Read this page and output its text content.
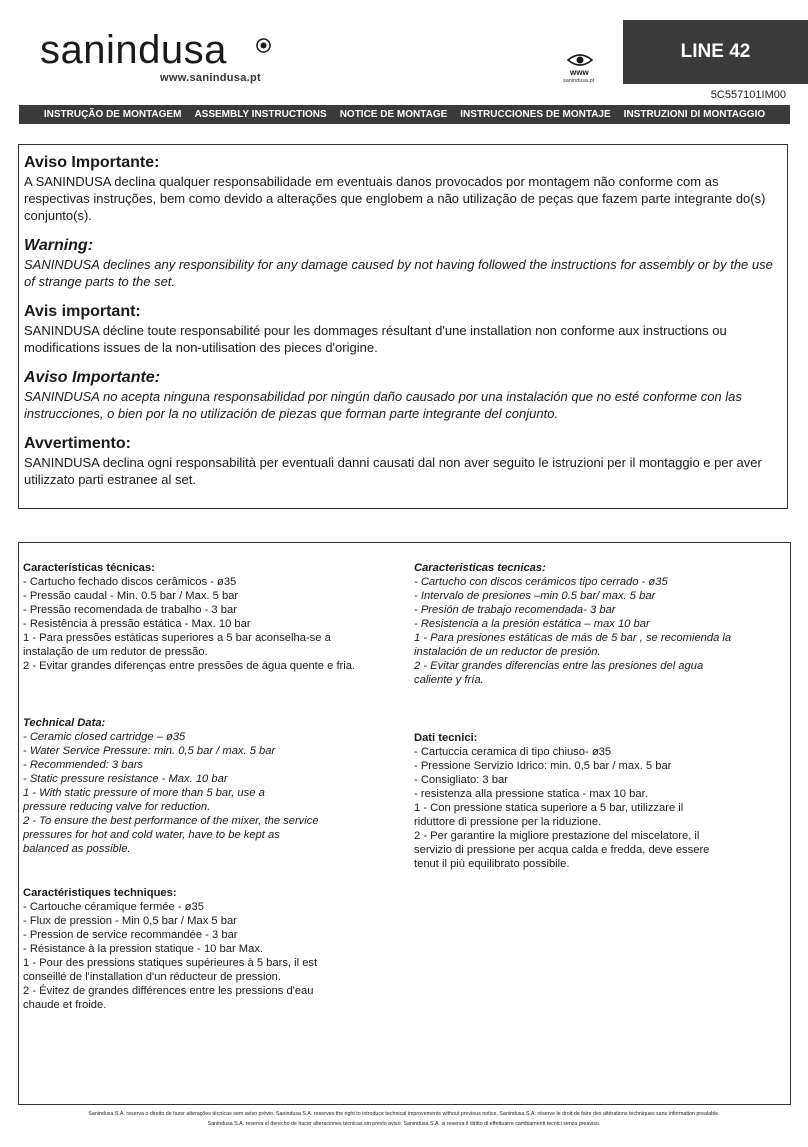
sanindusa
www.sanindusa.pt	www
sanindusa.pt
LINE 42
5C557101IM00
INSTRUÇÃO DE MONTAGEM ASSEMBLY INSTRUCTIONS NOTICE DE MONTAGE INSTRUCCIONES DE MONTAJE INSTRUZIONI DI MONTAGGIO
Aviso Importante:

A SANINDUSA declina qualquer responsabilidade em eventuais danos provocados por montagem não conforme com as respectivas instruções, bem como devido a alterações que englobem a não utilização de peças que fazem parte integrante do(s) conjunto(s).

Warning:

SANINDUSA declines any responsibility for any damage caused by not having followed the instructions for assembly or by the use of strange parts to the set.

Avis important:

SANINDUSA décline toute responsabilité pour les dommages résultant d'une installation non conforme aux instructions ou modifications issues de la non-utilisation des pieces d'origine.

Aviso Importante:

SANINDUSA no acepta ninguna responsabilidad por ningún daño causado por una instalación que no esté conforme con las instrucciones, o bien por la no utilización de piezas que forman parte integrante del conjunto.

Avvertimento:

SANINDUSA declina ogni responsabilità per eventuali danni causati dal non aver seguito le istruzioni per il montaggio e per aver utilizzato parti estranee al set.

Características técnicas:
- Cartucho fechado discos cerâmicos - ø35
- Pressão caudal - Min. 0.5 bar / Max. 5 bar
- Pressão recomendada de trabalho - 3 bar
- Resistência à pressão estática - Max. 10 bar
1 - Para pressões estáticas superiores a 5 bar aconselha-se a
instalação de um redutor de pressão.
2 - Evitar grandes diferenças entre pressões de água quente e fria.
Technical Data:
- Ceramic closed cartridge – ø35
- Water Service Pressure: min. 0,5 bar / max. 5 bar
- Recommended: 3 bars
- Static pressure resistance - Max. 10 bar
1 - With static pressure of more than 5 bar, use a
pressure reducing valve for reduction.
2 - To ensure the best performance of the mixer, the service
pressures for hot and cold water, have to be kept as
balanced as possible.
Caractéristiques techniques:
- Cartouche céramique fermée - ø35
- Flux de pression - Min 0,5 bar / Max 5 bar
- Pression de service recommandée - 3 bar
- Résistance à la pression statique - 10 bar Max.
1 - Pour des pressions statiques supérieures à 5 bars, il est
conseillé de l'installation d'un réducteur de pression.
2 - Évitez de grandes différences entre les pressions d'eau
chaude et froide.
Caracteristicas tecnicas:
- Cartucho con discos cerámicos tipo cerrado - ø35
- Intervalo de presiones –min 0.5 bar/ max. 5 bar
- Presión de trabajo recomendada- 3 bar
- Resistencia a la presión estática – max 10 bar
1 - Para presiones estáticas de más de 5 bar , se recomienda la
instalación de un reductor de presión.
2 - Evitar grandes diferencias entre las presiones del agua
caliente y fría.
Dati tecnici:
- Cartuccia ceramica di tipo chiuso- ø35
- Pressione Servizio Idrico: min. 0,5 bar / max. 5 bar
- Consigliato: 3 bar
- resistenza alla pressione statica - max 10 bar.
1 - Con pressione statica superiore a 5 bar, utilizzare il
riduttore di pressione per la riduzione.
2 - Per garantire la migliore prestazione del miscelatore, il
servizio di pressione per acqua calda e fredda, deve essere
tenut il più equilibrato possibile.
Sanindusa S.A. reserva o direito de fazer alterações técnicas sem aviso prévio. Sanindusa S.A. reserves the right to introduce technical improvements without previous notice. Sanindusa S.A. réserve le droit de faire des altérations techniques sans information prealable.
Sanindusa S.A. reserva el derecho de hacer alteraciones técnicas sin previo aviso. Sanindusa S.A. si reserva il diritto di effettuarre cambiamenti tecnici senza preaviso.
